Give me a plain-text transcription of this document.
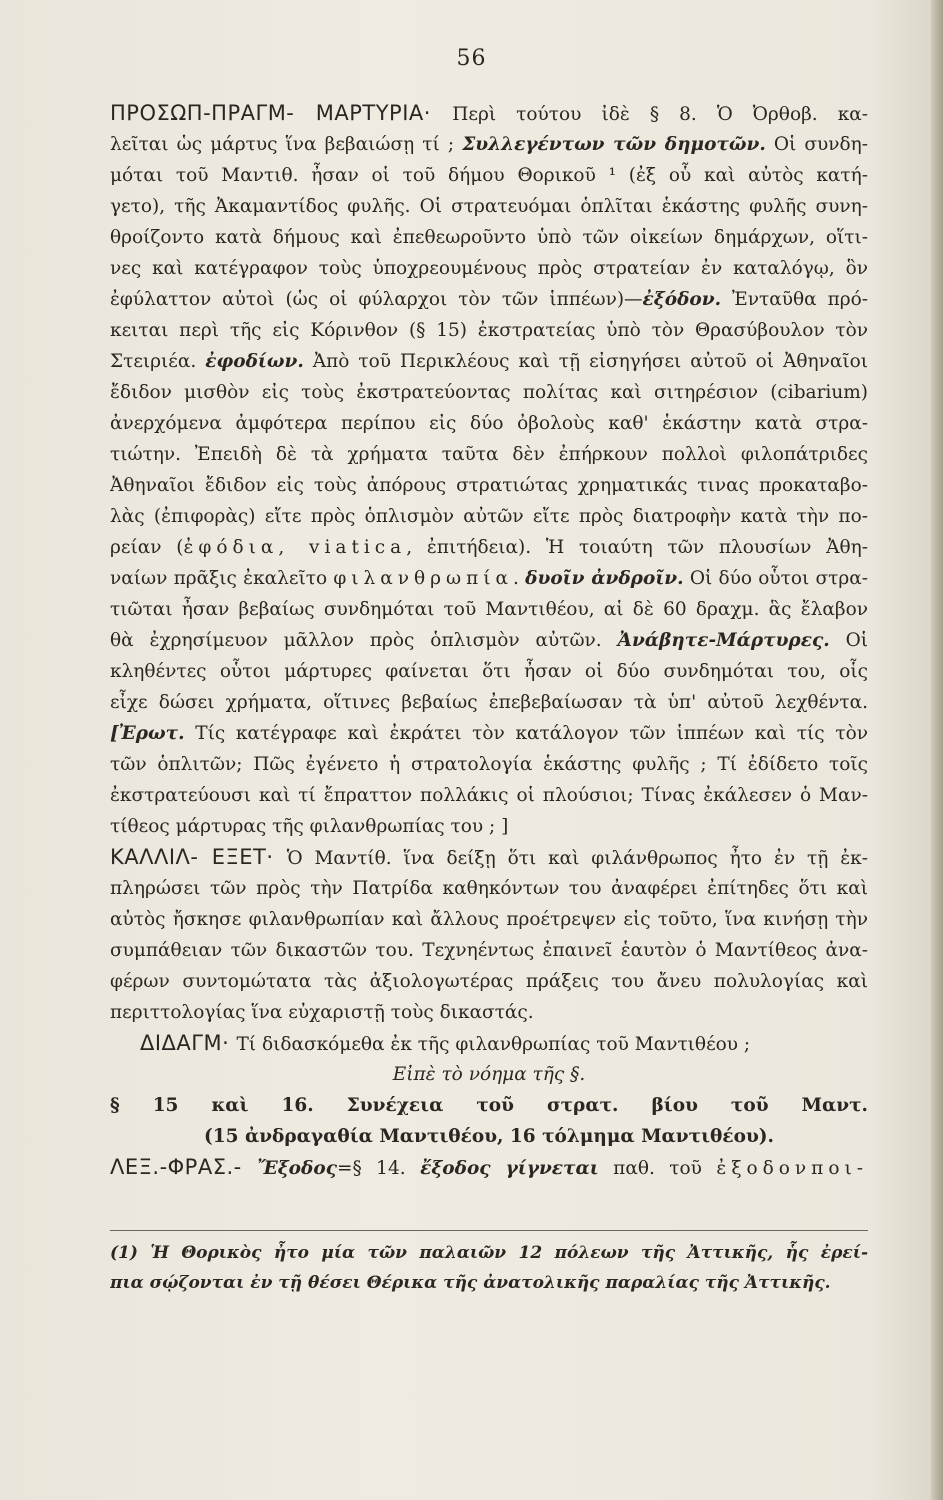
56
ΠΡΟΣΩΠ-ΠΡΑΓΜ- ΜΑΡΤΥΡΙΑ· Περὶ τούτου ἰδὲ § 8. Ὁ Ὀρθοβ. κα-
λεῖται ὡς μάρτυς ἵνα βεβαιώσῃ τί ; Συλλεγέντων τῶν δημοτῶν. Οἱ συνδη-
μόται τοῦ Μαντιθ. ἦσαν οἱ τοῦ δήμου Θορικοῦ ¹ (ἐξ οὗ καὶ αὐτὸς κατή-
γετο), τῆς Ἀκαμαντίδος φυλῆς. Οἱ στρατευόμαι ὁπλῖται ἑκάστης φυλῆς συνη-
θροίζοντο κατὰ δήμους καὶ ἐπεθεωροῦντο ὑπὸ τῶν οἰκείων δημάρχων, οἵτι-
νες καὶ κατέγραφον τοὺς ὑποχρεουμένους πρὸς στρατείαν ἐν καταλόγῳ, ὃν
ἐφύλαττον αὐτοὶ (ὡς οἱ φύλαρχοι τὸν τῶν ἱππέων)—ἐξόδον. Ἐνταῦθα πρό-
κειται περὶ τῆς εἰς Κόρινθον (§ 15) ἐκστρατείας ὑπὸ τὸν Θρασύβουλον τὸν
Στειριέα. ἐφοδίων. Ἀπὸ τοῦ Περικλέους καὶ τῇ εἰσηγήσει αὐτοῦ οἱ Ἀθηναῖοι
ἔδιδον μισθὸν εἰς τοὺς ἐκστρατεύοντας πολίτας καὶ σιτηρέσιον (cibarium)
ἀνερχόμενα ἀμφότερα περίπου εἰς δύο ὀβολοὺς καθ' ἑκάστην κατὰ στρα-
τιώτην. Ἐπειδὴ δὲ τὰ χρήματα ταῦτα δὲν ἐπήρκουν πολλοὶ φιλοπάτριδες
Ἀθηναῖοι ἔδιδον εἰς τοὺς ἀπόρους στρατιώτας χρηματικάς τινας προκαταβο-
λὰς (ἐπιφορὰς) εἴτε πρὸς ὁπλισμὸν αὐτῶν εἴτε πρὸς διατροφὴν κατὰ τὴν πο-
ρείαν (ἐφόδια, viatica, ἐπιτήδεια). Ἡ τοιαύτη τῶν πλουσίων Ἀθη-
ναίων πρᾶξις ἐκαλεῖτο φιλανθρωπία. δυοῖν ἀνδροῖν. Οἱ δύο οὗτοι στρα-
τιῶται ἦσαν βεβαίως συνδημόται τοῦ Μαντιθέου, αἱ δὲ 60 δραχμ. ἃς ἔλαβον
θὰ ἐχρησίμευον μᾶλλον πρὸς ὁπλισμὸν αὐτῶν. Ἀνάβητε-Μάρτυρες. Οἱ
κληθέντες οὗτοι μάρτυρες φαίνεται ὅτι ἦσαν οἱ δύο συνδημόται του, οἷς
εἶχε δώσει χρήματα, οἵτινες βεβαίως ἐπεβεβαίωσαν τὰ ὑπ' αὐτοῦ λεχθέντα.
[Ἐρωτ. Τίς κατέγραφε καὶ ἐκράτει τὸν κατάλογον τῶν ἱππέων καὶ τίς τὸν
τῶν ὁπλιτῶν; Πῶς ἐγένετο ἡ στρατολογία ἑκάστης φυλῆς ; Τί ἐδίδετο τοῖς
ἐκστρατεύουσι καὶ τί ἔπραττον πολλάκις οἱ πλούσιοι; Τίνας ἐκάλεσεν ὁ Μαν-
τίθεος μάρτυρας τῆς φιλανθρωπίας του ; ]
ΚΑΛΛΙΛ- ΕΞΕΤ· Ὁ Μαντίθ. ἵνα δείξῃ ὅτι καὶ φιλάνθρωπος ἦτο ἐν τῇ ἐκ-
πληρώσει τῶν πρὸς τὴν Πατρίδα καθηκόντων του ἀναφέρει ἐπίτηδες ὅτι καὶ
αὐτὸς ἤσκησε φιλανθρωπίαν καὶ ἄλλους προέτρεψεν εἰς τοῦτο, ἵνα κινήσῃ τὴν
συμπάθειαν τῶν δικαστῶν του. Τεχνηέντως ἐπαινεῖ ἑαυτὸν ὁ Μαντίθεος ἀνα-
φέρων συντομώτατα τὰς ἀξιολογωτέρας πράξεις του ἄνευ πολυλογίας καὶ
περιττολογίας ἵνα εὐχαριστῇ τοὺς δικαστάς.
ΔΙΔΑΓΜ· Τί διδασκόμεθα ἐκ τῆς φιλανθρωπίας τοῦ Μαντιθέου ;
Εἰπὲ τὸ νόημα τῆς §.
§ 15 καὶ 16. Συνέχεια τοῦ στρατ. βίου τοῦ Μαντ.
(15 ἀνδραγαθία Μαντιθέου, 16 τόλμημα Μαντιθέου).
ΛΕΞ.-ΦΡΑΣ.- Ἔξοδος=§ 14. ἔξοδος γίγνεται παθ. τοῦ ἐξοδονποι-
(1) Ἡ Θορικὸς ἦτο μία τῶν παλαιῶν 12 πόλεων τῆς Ἀττικῆς, ἧς ἐρεί-
πια σῴζονται ἐν τῇ θέσει Θέρικα τῆς ἀνατολικῆς παραλίας τῆς Ἀττικῆς.
